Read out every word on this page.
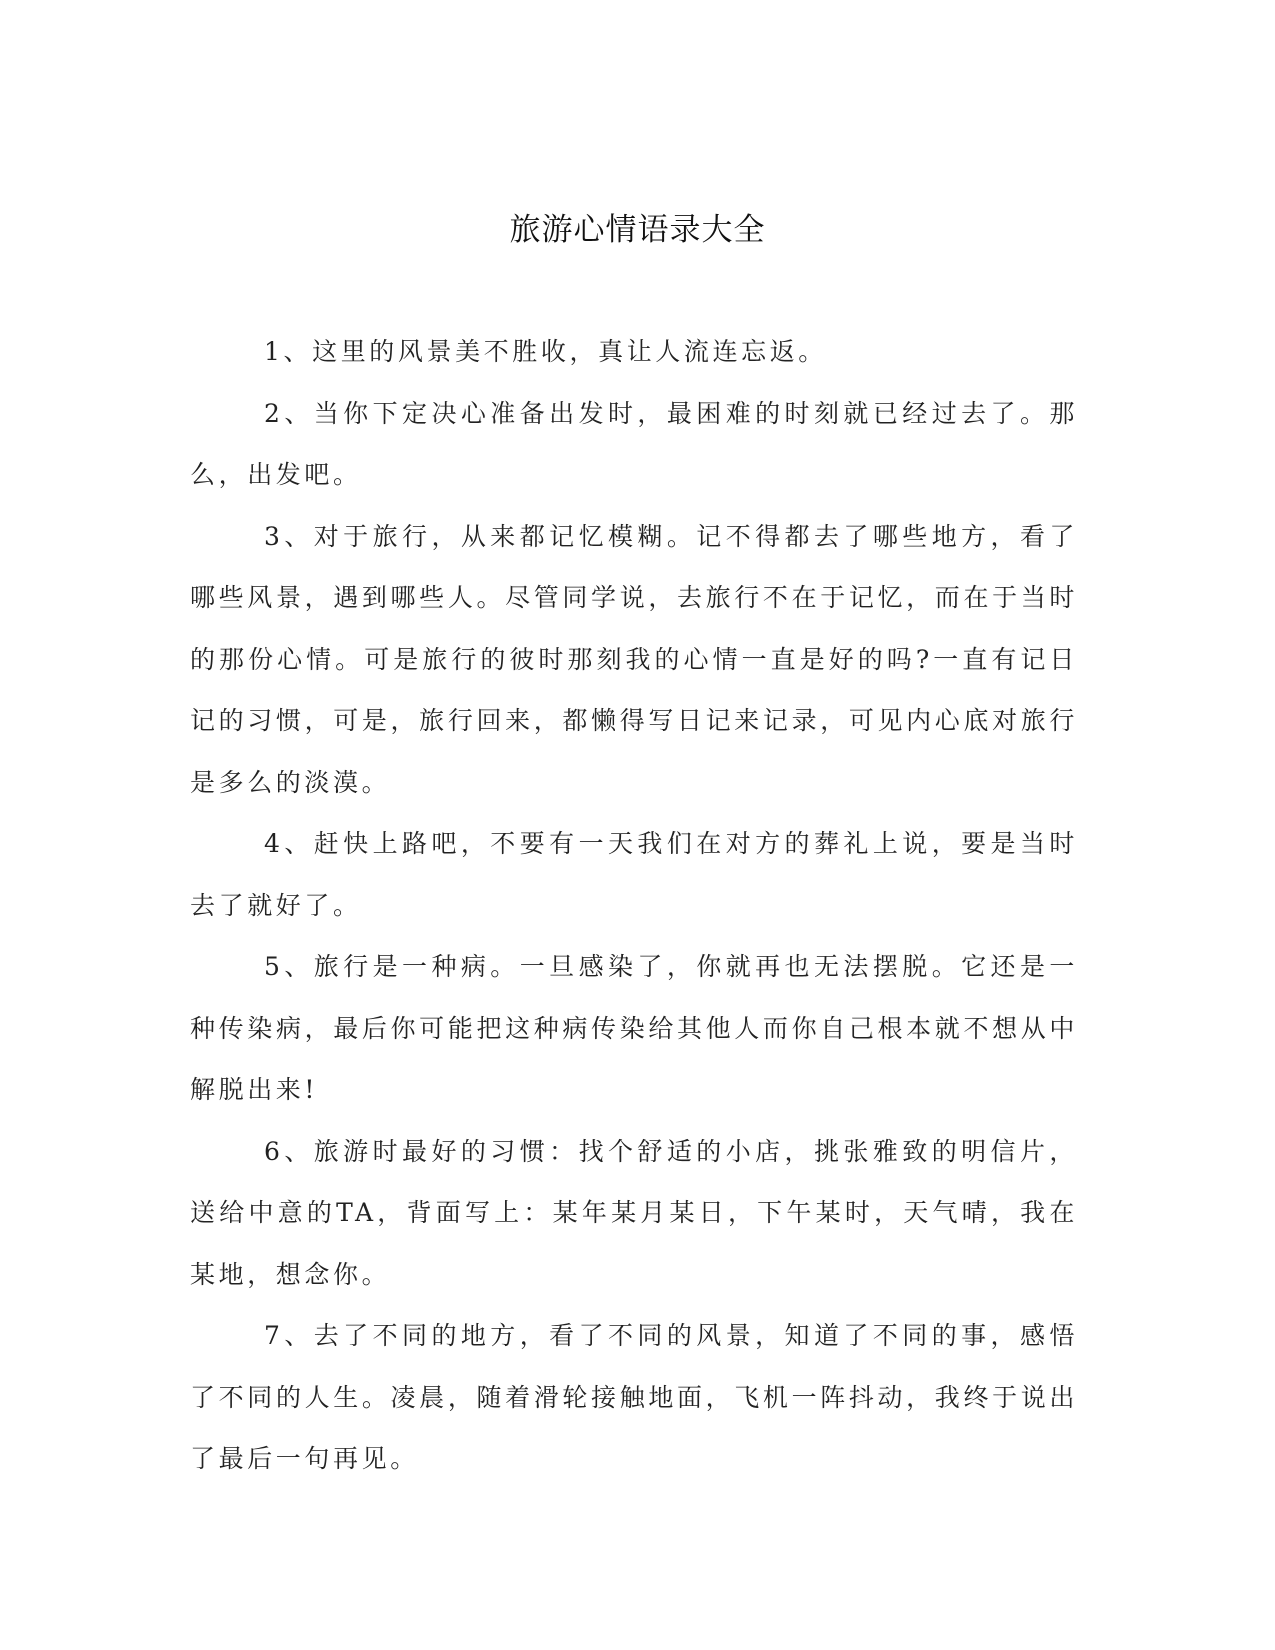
旅游心情语录大全

1、这里的风景美不胜收，真让人流连忘返。

2、当你下定决心准备出发时，最困难的时刻就已经过去了。那么，出发吧。

3、对于旅行，从来都记忆模糊。记不得都去了哪些地方，看了哪些风景，遇到哪些人。尽管同学说，去旅行不在于记忆，而在于当时的那份心情。可是旅行的彼时那刻我的心情一直是好的吗?一直有记日记的习惯，可是，旅行回来，都懒得写日记来记录，可见内心底对旅行是多么的淡漠。

4、赶快上路吧，不要有一天我们在对方的葬礼上说，要是当时去了就好了。

5、旅行是一种病。一旦感染了，你就再也无法摆脱。它还是一种传染病，最后你可能把这种病传染给其他人而你自己根本就不想从中解脱出来!

6、旅游时最好的习惯：找个舒适的小店，挑张雅致的明信片，送给中意的TA，背面写上：某年某月某日，下午某时，天气晴，我在某地，想念你。

7、去了不同的地方，看了不同的风景，知道了不同的事，感悟了不同的人生。凌晨，随着滑轮接触地面，飞机一阵抖动，我终于说出了最后一句再见。
